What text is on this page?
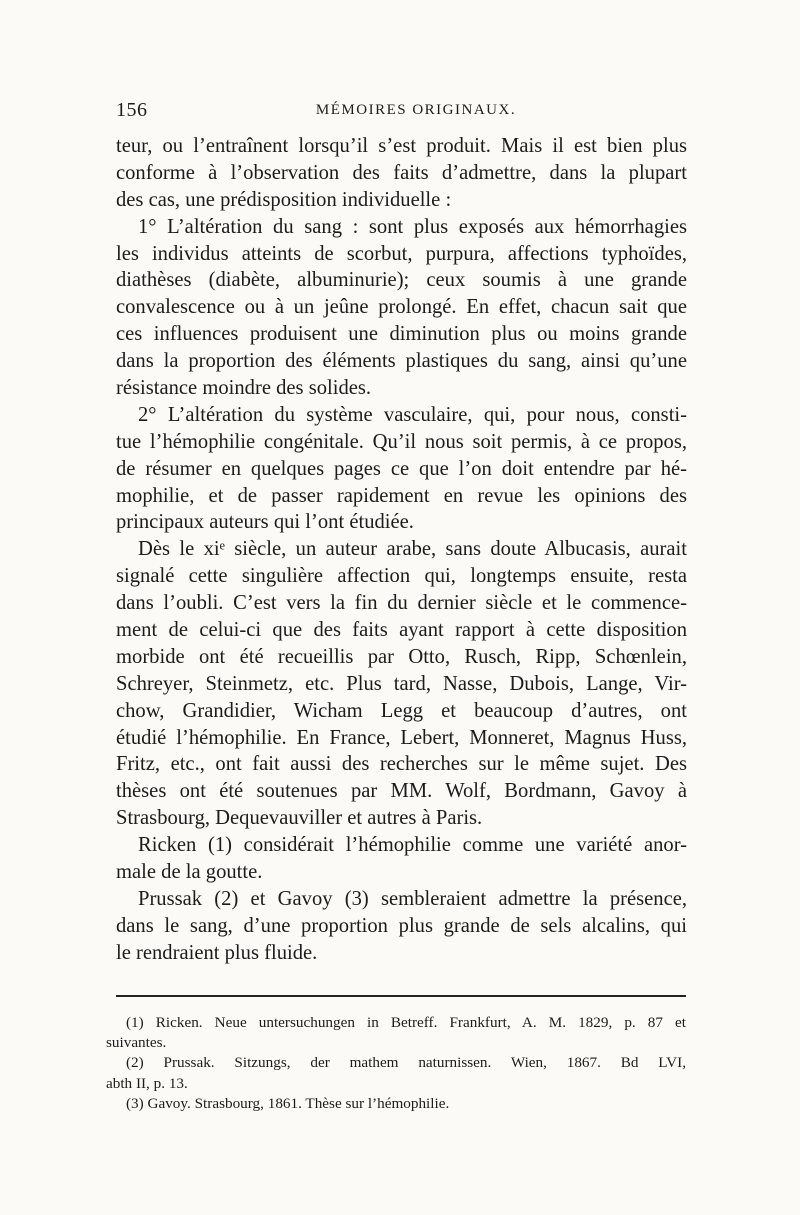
156	MÉMOIRES ORIGINAUX.
teur, ou l’entraînent lorsqu’il s’est produit. Mais il est bien plus
conforme à l’observation des faits d’admettre, dans la plupart
des cas, une prédisposition individuelle :
1° L’altération du sang : sont plus exposés aux hémorrhagies
les individus atteints de scorbut, purpura, affections typhoïdes,
diathèses (diabète, albuminurie); ceux soumis à une grande
convalescence ou à un jeûne prolongé. En effet, chacun sait que
ces influences produisent une diminution plus ou moins grande
dans la proportion des éléments plastiques du sang, ainsi qu’une
résistance moindre des solides.
2° L’altération du système vasculaire, qui, pour nous, consti-
tue l’hémophilie congénitale. Qu’il nous soit permis, à ce propos,
de résumer en quelques pages ce que l’on doit entendre par hé-
mophilie, et de passer rapidement en revue les opinions des
principaux auteurs qui l’ont étudiée.
Dès le xiᵉ siècle, un auteur arabe, sans doute Albucasis, aurait
signalé cette singulière affection qui, longtemps ensuite, resta
dans l’oubli. C’est vers la fin du dernier siècle et le commence-
ment de celui-ci que des faits ayant rapport à cette disposition
morbide ont été recueillis par Otto, Rusch, Ripp, Schœnlein,
Schreyer, Steinmetz, etc. Plus tard, Nasse, Dubois, Lange, Vir-
chow, Grandidier, Wicham Legg et beaucoup d’autres, ont
étudié l’hémophilie. En France, Lebert, Monneret, Magnus Huss,
Fritz, etc., ont fait aussi des recherches sur le même sujet. Des
thèses ont été soutenues par MM. Wolf, Bordmann, Gavoy à
Strasbourg, Dequevauviller et autres à Paris.
Ricken (1) considérait l’hémophilie comme une variété anor-
male de la goutte.
Prussak (2) et Gavoy (3) sembleraient admettre la présence,
dans le sang, d’une proportion plus grande de sels alcalins, qui
le rendraient plus fluide.
(1) Ricken. Neue untersuchungen in Betreff. Frankfurt, A. M. 1829, p. 87 et
suivantes.
(2) Prussak. Sitzungs, der mathem naturnissen. Wien, 1867. Bd LVI,
abth II, p. 13.
(3) Gavoy. Strasbourg, 1861. Thèse sur l’hémophilie.
